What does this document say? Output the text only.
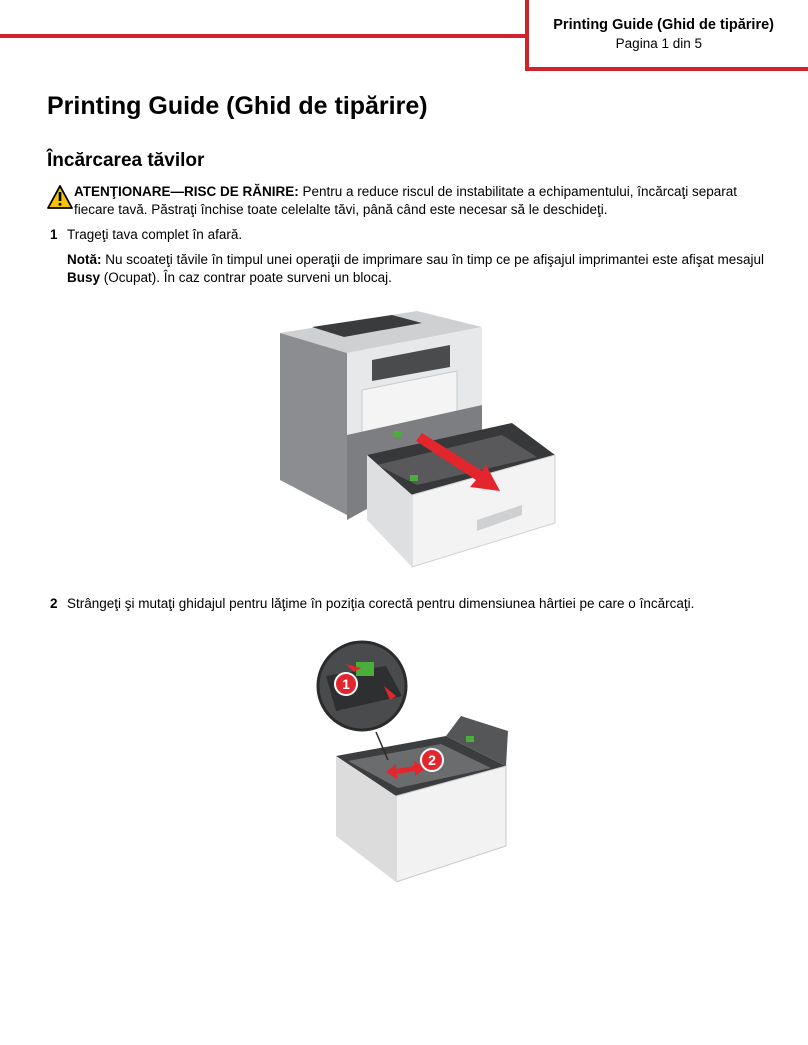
Printing Guide (Ghid de tipărire)
Pagina 1 din 5
Printing Guide (Ghid de tipărire)
Încărcarea tăvilor
ATENŢIONARE—RISC DE RĂNIRE: Pentru a reduce riscul de instabilitate a echipamentului, încărcaţi separat fiecare tavă. Păstraţi închise toate celelalte tăvi, până când este necesar să le deschideţi.
1 Trageţi tava complet în afară.
Notă: Nu scoateţi tăvile în timpul unei operaţii de imprimare sau în timp ce pe afişajul imprimantei este afişat mesajul Busy (Ocupat). În caz contrar poate surveni un blocaj.
2 Strângeţi şi mutaţi ghidajul pentru lăţime în poziţia corectă pentru dimensiunea hârtiei pe care o încărcaţi.
2
1
